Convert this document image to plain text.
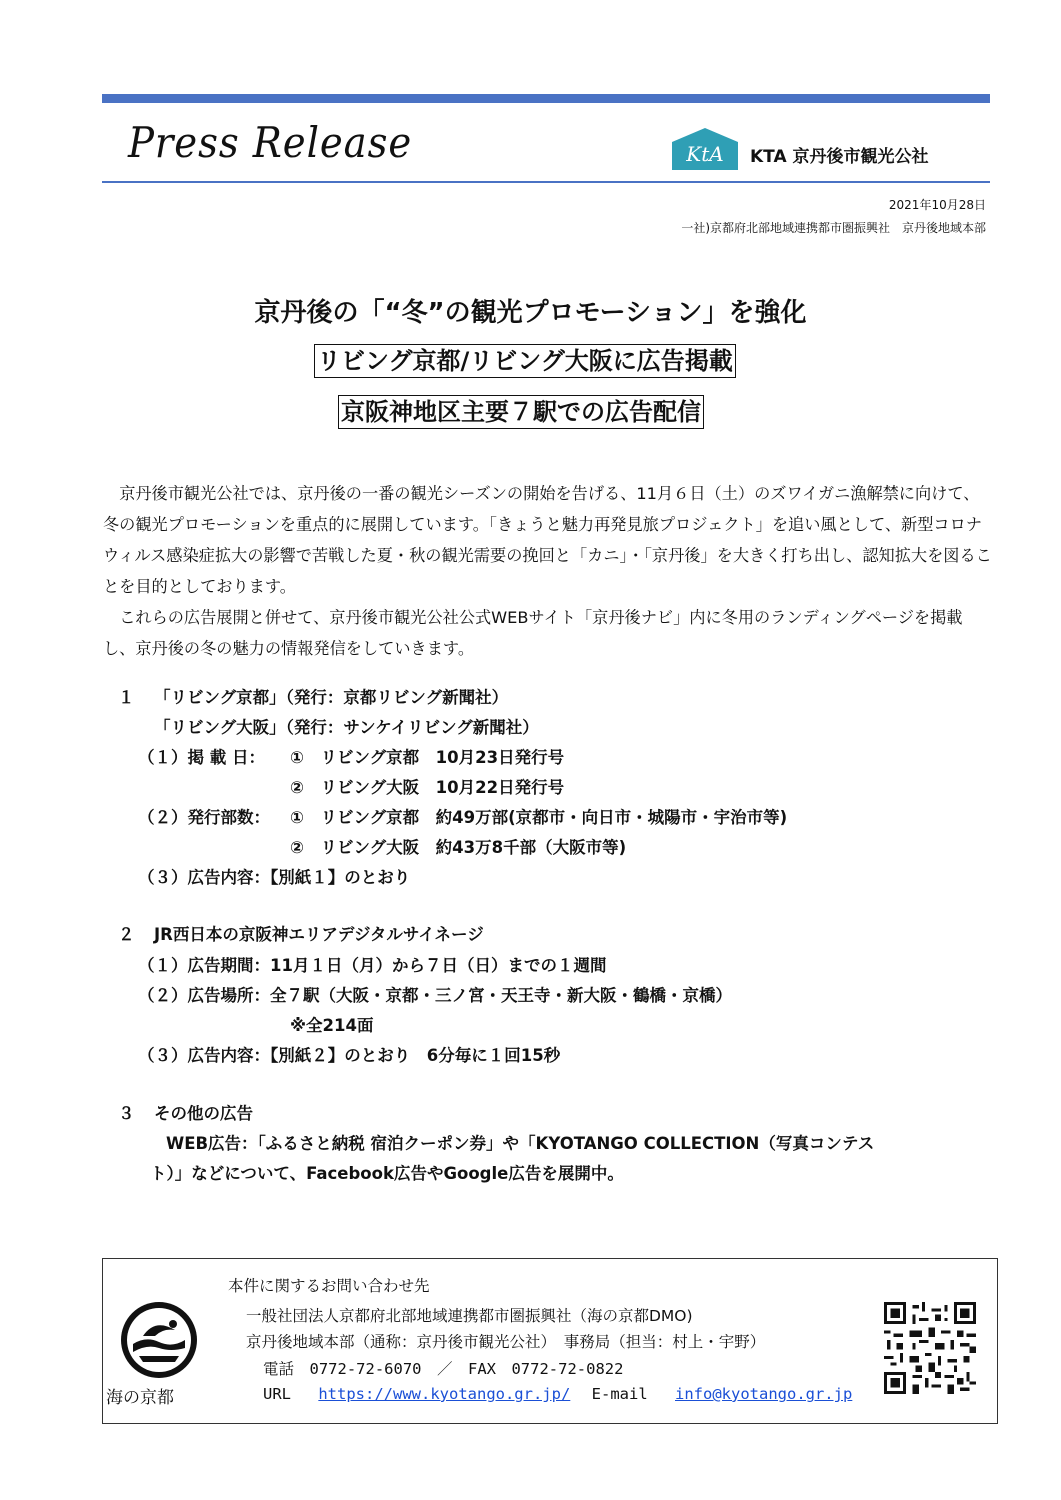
Press Release	KtA KTA 京丹後市観光公社
2021年10月28日
一社)京都府北部地域連携都市圏振興社　京丹後地域本部
京丹後の「“冬”の観光プロモーション」を強化
リビング京都/リビング大阪に広告掲載
京阪神地区主要７駅での広告配信

京丹後市観光公社では、京丹後の一番の観光シーズンの開始を告げる、11月６日（土）のズワイガニ漁解禁に向けて、冬の観光プロモーションを重点的に展開しています。「きょうと魅力再発見旅プロジェクト」を追い風として、新型コロナウィルス感染症拡大の影響で苦戦した夏・秋の観光需要の挽回と「カニ」・「京丹後」を大きく打ち出し、認知拡大を図ることを目的としております。

これらの広告展開と併せて、京丹後市観光公社公式WEBサイト「京丹後ナビ」内に冬用のランディングページを掲載し、京丹後の冬の魅力の情報発信をしていきます。

１ 「リビング京都」（発行：京都リビング新聞社）
「リビング大阪」（発行：サンケイリビング新聞社）
（１）掲 載 日： ①　リビング京都　10月23日発行号
②　リビング大阪　10月22日発行号
（２）発行部数： ①　リビング京都　約49万部(京都市・向日市・城陽市・宇治市等)
②　リビング大阪　約43万8千部（大阪市等)
（３）広告内容：【別紙１】のとおり
２ JR西日本の京阪神エリアデジタルサイネージ
（１）広告期間：11月１日（月）から７日（日）までの１週間
（２）広告場所：全７駅（大阪・京都・三ノ宮・天王寺・新大阪・鶴橋・京橋）
※全214面
（３）広告内容：【別紙２】のとおり　6分毎に１回15秒
３ その他の広告
WEB広告：「ふるさと納税 宿泊クーポン券」や「KYOTANGO COLLECTION（写真コンテス
ト）」などについて、Facebook広告やGoogle広告を展開中。
海の京都
本件に関するお問い合わせ先
一般社団法人京都府北部地域連携都市圏振興社（海の京都DMO)
京丹後地域本部（通称：京丹後市観光公社）　事務局（担当：村上・宇野）
電話　0772-72-6070　／　FAX　0772-72-0822
URL https://www.kyotango.gr.jp/ E-mail info@kyotango.gr.jp
